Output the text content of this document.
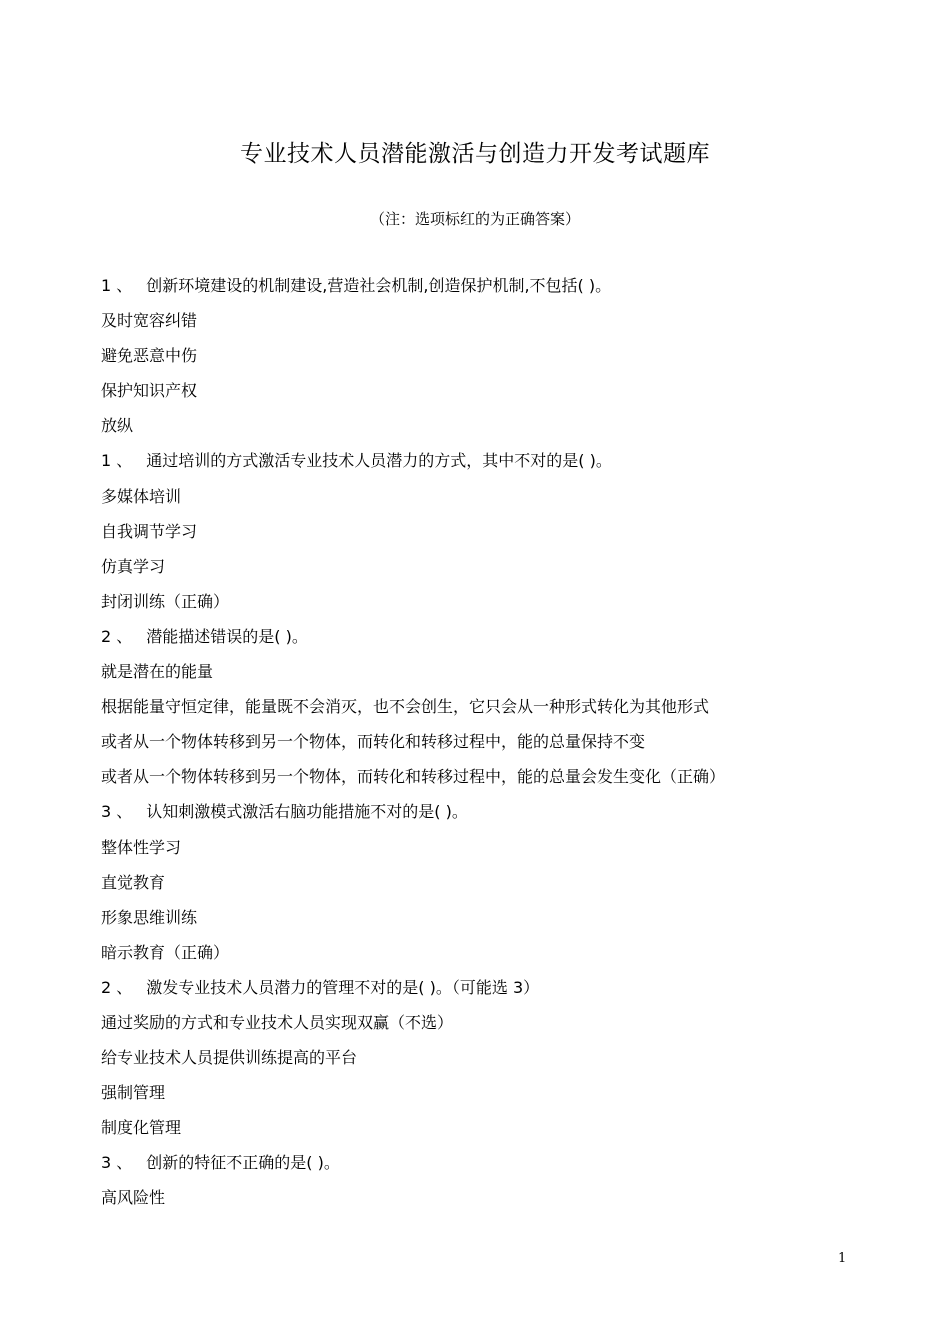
专业技术人员潜能激活与创造力开发考试题库
（注：选项标红的为正确答案）
1 、 创新环境建设的机制建设,营造社会机制,创造保护机制,不包括( )。
及时宽容纠错
避免恶意中伤
保护知识产权
放纵
1 、 通过培训的方式激活专业技术人员潜力的方式，其中不对的是( )。
多媒体培训
自我调节学习
仿真学习
封闭训练（正确）
2 、 潜能描述错误的是( )。
就是潜在的能量
根据能量守恒定律，能量既不会消灭，也不会创生，它只会从一种形式转化为其他形式
或者从一个物体转移到另一个物体，而转化和转移过程中，能的总量保持不变
或者从一个物体转移到另一个物体，而转化和转移过程中，能的总量会发生变化（正确）
3 、 认知刺激模式激活右脑功能措施不对的是( )。
整体性学习
直觉教育
形象思维训练
暗示教育（正确）
2 、 激发专业技术人员潜力的管理不对的是( )。（可能选 3）
通过奖励的方式和专业技术人员实现双赢（不选）
给专业技术人员提供训练提高的平台
强制管理
制度化管理
3 、 创新的特征不正确的是( )。
高风险性
1
